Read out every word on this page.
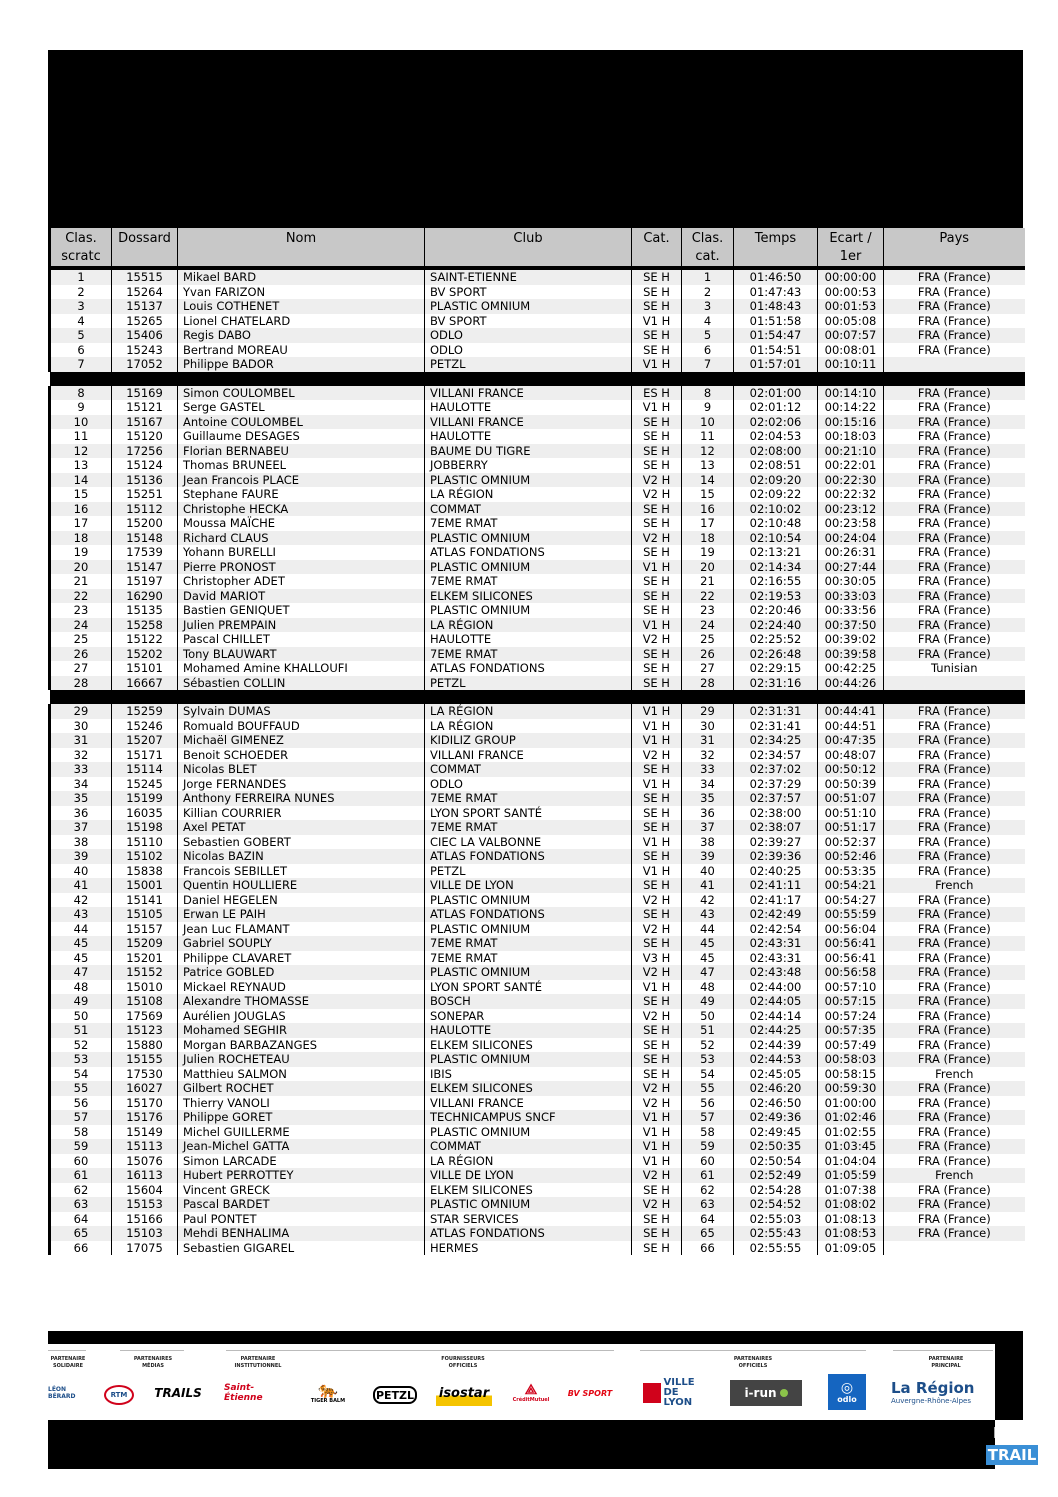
Clas.
scratc	Dossard	Nom	Club	Cat.	Clas.
cat.	Temps	Ecart /
1er	Pays
1	15515	Mikael BARD	SAINT-ETIENNE	SE H	1	01:46:50	00:00:00	FRA (France)
2	15264	Yvan FARIZON	BV SPORT	SE H	2	01:47:43	00:00:53	FRA (France)
3	15137	Louis COTHENET	PLASTIC OMNIUM	SE H	3	01:48:43	00:01:53	FRA (France)
4	15265	Lionel CHATELARD	BV SPORT	V1 H	4	01:51:58	00:05:08	FRA (France)
5	15406	Regis DABO	ODLO	SE H	5	01:54:47	00:07:57	FRA (France)
6	15243	Bertrand MOREAU	ODLO	SE H	6	01:54:51	00:08:01	FRA (France)
7	17052	Philippe BADOR	PETZL	V1 H	7	01:57:01	00:10:11	

8	15169	Simon COULOMBEL	VILLANI FRANCE	ES H	8	02:01:00	00:14:10	FRA (France)
9	15121	Serge GASTEL	HAULOTTE	V1 H	9	02:01:12	00:14:22	FRA (France)
10	15167	Antoine COULOMBEL	VILLANI FRANCE	SE H	10	02:02:06	00:15:16	FRA (France)
11	15120	Guillaume DESAGES	HAULOTTE	SE H	11	02:04:53	00:18:03	FRA (France)
12	17256	Florian BERNABEU	BAUME DU TIGRE	SE H	12	02:08:00	00:21:10	FRA (France)
13	15124	Thomas BRUNEEL	JOBBERRY	SE H	13	02:08:51	00:22:01	FRA (France)
14	15136	Jean Francois PLACE	PLASTIC OMNIUM	V2 H	14	02:09:20	00:22:30	FRA (France)
15	15251	Stephane FAURE	LA RÉGION	V2 H	15	02:09:22	00:22:32	FRA (France)
16	15112	Christophe HECKA	COMMAT	SE H	16	02:10:02	00:23:12	FRA (France)
17	15200	Moussa MAÏCHE	7EME RMAT	SE H	17	02:10:48	00:23:58	FRA (France)
18	15148	Richard CLAUS	PLASTIC OMNIUM	V2 H	18	02:10:54	00:24:04	FRA (France)
19	17539	Yohann BURELLI	ATLAS FONDATIONS	SE H	19	02:13:21	00:26:31	FRA (France)
20	15147	Pierre PRONOST	PLASTIC OMNIUM	V1 H	20	02:14:34	00:27:44	FRA (France)
21	15197	Christopher ADET	7EME RMAT	SE H	21	02:16:55	00:30:05	FRA (France)
22	16290	David MARIOT	ELKEM SILICONES	SE H	22	02:19:53	00:33:03	FRA (France)
23	15135	Bastien GENIQUET	PLASTIC OMNIUM	SE H	23	02:20:46	00:33:56	FRA (France)
24	15258	Julien PREMPAIN	LA RÉGION	V1 H	24	02:24:40	00:37:50	FRA (France)
25	15122	Pascal CHILLET	HAULOTTE	V2 H	25	02:25:52	00:39:02	FRA (France)
26	15202	Tony BLAUWART	7EME RMAT	SE H	26	02:26:48	00:39:58	FRA (France)
27	15101	Mohamed Amine KHALLOUFI	ATLAS FONDATIONS	SE H	27	02:29:15	00:42:25	Tunisian
28	16667	Sébastien COLLIN	PETZL	SE H	28	02:31:16	00:44:26	

29	15259	Sylvain DUMAS	LA RÉGION	V1 H	29	02:31:31	00:44:41	FRA (France)
30	15246	Romuald BOUFFAUD	LA RÉGION	V1 H	30	02:31:41	00:44:51	FRA (France)
31	15207	Michaël GIMENEZ	KIDILIZ GROUP	V1 H	31	02:34:25	00:47:35	FRA (France)
32	15171	Benoit SCHOEDER	VILLANI FRANCE	V2 H	32	02:34:57	00:48:07	FRA (France)
33	15114	Nicolas BLET	COMMAT	SE H	33	02:37:02	00:50:12	FRA (France)
34	15245	Jorge FERNANDES	ODLO	V1 H	34	02:37:29	00:50:39	FRA (France)
35	15199	Anthony FERREIRA NUNES	7EME RMAT	SE H	35	02:37:57	00:51:07	FRA (France)
36	16035	Killian COURRIER	LYON SPORT SANTÉ	SE H	36	02:38:00	00:51:10	FRA (France)
37	15198	Axel PETAT	7EME RMAT	SE H	37	02:38:07	00:51:17	FRA (France)
38	15110	Sebastien GOBERT	CIEC LA VALBONNE	V1 H	38	02:39:27	00:52:37	FRA (France)
39	15102	Nicolas BAZIN	ATLAS FONDATIONS	SE H	39	02:39:36	00:52:46	FRA (France)
40	15838	Francois SEBILLET	PETZL	V1 H	40	02:40:25	00:53:35	FRA (France)
41	15001	Quentin HOULLIERE	VILLE DE LYON	SE H	41	02:41:11	00:54:21	French
42	15141	Daniel HEGELEN	PLASTIC OMNIUM	V2 H	42	02:41:17	00:54:27	FRA (France)
43	15105	Erwan LE PAIH	ATLAS FONDATIONS	SE H	43	02:42:49	00:55:59	FRA (France)
44	15157	Jean Luc FLAMANT	PLASTIC OMNIUM	V2 H	44	02:42:54	00:56:04	FRA (France)
45	15209	Gabriel SOUPLY	7EME RMAT	SE H	45	02:43:31	00:56:41	FRA (France)
45	15201	Philippe CLAVARET	7EME RMAT	V3 H	45	02:43:31	00:56:41	FRA (France)
47	15152	Patrice GOBLED	PLASTIC OMNIUM	V2 H	47	02:43:48	00:56:58	FRA (France)
48	15010	Mickael REYNAUD	LYON SPORT SANTÉ	V1 H	48	02:44:00	00:57:10	FRA (France)
49	15108	Alexandre THOMASSE	BOSCH	SE H	49	02:44:05	00:57:15	FRA (France)
50	17569	Aurélien JOUGLAS	SONEPAR	V2 H	50	02:44:14	00:57:24	FRA (France)
51	15123	Mohamed SEGHIR	HAULOTTE	SE H	51	02:44:25	00:57:35	FRA (France)
52	15880	Morgan BARBAZANGES	ELKEM SILICONES	SE H	52	02:44:39	00:57:49	FRA (France)
53	15155	Julien ROCHETEAU	PLASTIC OMNIUM	SE H	53	02:44:53	00:58:03	FRA (France)
54	17530	Matthieu SALMON	IBIS	SE H	54	02:45:05	00:58:15	French
55	16027	Gilbert ROCHET	ELKEM SILICONES	V2 H	55	02:46:20	00:59:30	FRA (France)
56	15170	Thierry VANOLI	VILLANI FRANCE	V2 H	56	02:46:50	01:00:00	FRA (France)
57	15176	Philippe GORET	TECHNICAMPUS SNCF	V1 H	57	02:49:36	01:02:46	FRA (France)
58	15149	Michel GUILLERME	PLASTIC OMNIUM	V1 H	58	02:49:45	01:02:55	FRA (France)
59	15113	Jean-Michel GATTA	COMMAT	V1 H	59	02:50:35	01:03:45	FRA (France)
60	15076	Simon LARCADE	LA RÉGION	V1 H	60	02:50:54	01:04:04	FRA (France)
61	16113	Hubert PERROTTEY	VILLE DE LYON	V2 H	61	02:52:49	01:05:59	French
62	15604	Vincent GRECK	ELKEM SILICONES	SE H	62	02:54:28	01:07:38	FRA (France)
63	15153	Pascal BARDET	PLASTIC OMNIUM	V2 H	63	02:54:52	01:08:02	FRA (France)
64	15166	Paul PONTET	STAR SERVICES	SE H	64	02:55:03	01:08:13	FRA (France)
65	15103	Mehdi BENHALIMA	ATLAS FONDATIONS	SE H	65	02:55:43	01:08:53	FRA (France)
66	17075	Sebastien GIGAREL	HERMES	SE H	66	02:55:55	01:09:05	
PARTENAIRE
SOLIDAIRE
PARTENAIRES
MÉDIAS
PARTENAIRE
INSTITUTIONNEL
FOURNISSEURS
OFFICIELS
PARTENAIRES
OFFICIELS
PARTENAIRE
PRINCIPAL
LÉON BÉRARD	RTM	TRAILS	Saint-Étienne	🐅
TIGER BALM	PETZL isostar	⟁
CréditMutuel
BV SPORT
VILLE DE LYON
i-run	◎
odlo
La Région
Auvergne-Rhône-Alpes
LIVE
TRAIL
